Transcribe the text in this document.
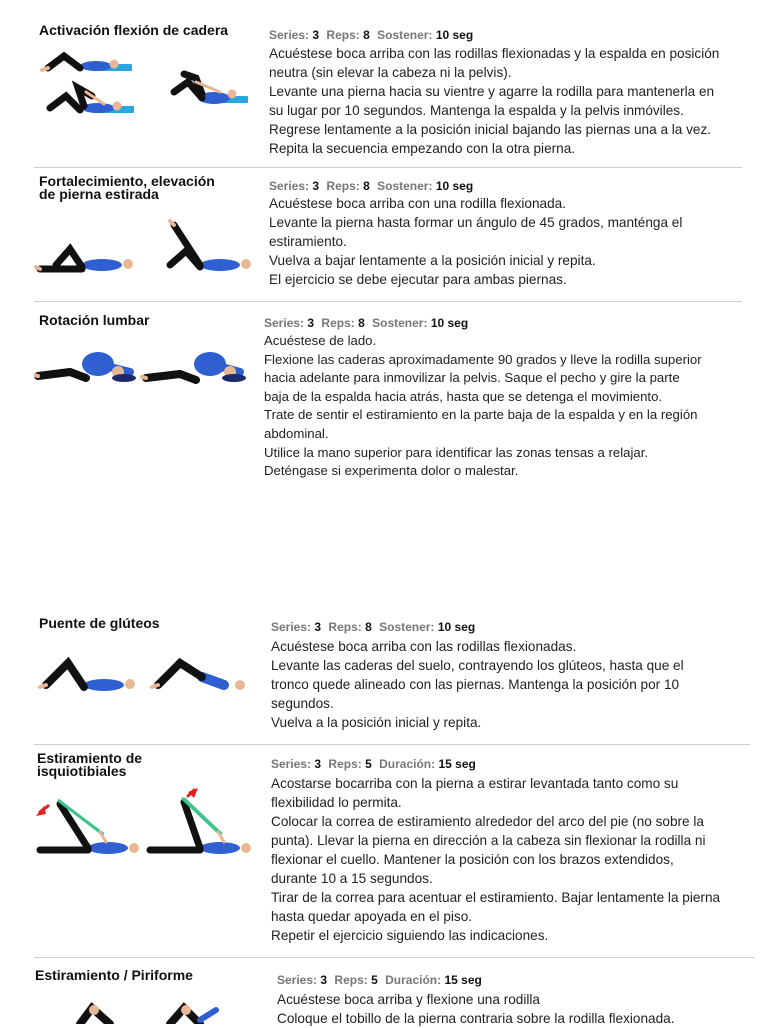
Activación flexión de cadera	Series: 3 Reps: 8 Sostener: 10 seg
Acuéstese boca arriba con las rodillas flexionadas y la espalda en posición
neutra (sin elevar la cabeza ni la pelvis).
Levante una pierna hacia su vientre y agarre la rodilla para mantenerla en
su lugar por 10 segundos. Mantenga la espalda y la pelvis inmóviles.
Regrese lentamente a la posición inicial bajando las piernas una a la vez.
Repita la secuencia empezando con la otra pierna.
Fortalecimiento, elevación
de pierna estirada	Series: 3 Reps: 8 Sostener: 10 seg
Acuéstese boca arriba con una rodilla flexionada.
Levante la pierna hasta formar un ángulo de 45 grados, manténga el
estiramiento.
Vuelva a bajar lentamente a la posición inicial y repita.
El ejercicio se debe ejecutar para ambas piernas.
Rotación lumbar	Series: 3 Reps: 8 Sostener: 10 seg
Acuéstese de lado.
Flexione las caderas aproximadamente 90 grados y lleve la rodilla superior
hacia adelante para inmovilizar la pelvis. Saque el pecho y gire la parte
baja de la espalda hacia atrás, hasta que se detenga el movimiento.
Trate de sentir el estiramiento en la parte baja de la espalda y en la región
abdominal.
Utilice la mano superior para identificar las zonas tensas a relajar.
Deténgase si experimenta dolor o malestar.
Puente de glúteos	Series: 3 Reps: 8 Sostener: 10 seg
Acuéstese boca arriba con las rodillas flexionadas.
Levante las caderas del suelo, contrayendo los glúteos, hasta que el
tronco quede alineado con las piernas. Mantenga la posición por 10
segundos.
Vuelva a la posición inicial y repita.
Estiramiento de
isquiotibiales	Series: 3 Reps: 5 Duración: 15 seg
Acostarse bocarriba con la pierna a estirar levantada tanto como su
flexibilidad lo permita.
Colocar la correa de estiramiento alrededor del arco del pie (no sobre la
punta). Llevar la pierna en dirección a la cabeza sin flexionar la rodilla ni
flexionar el cuello. Mantener la posición con los brazos extendidos,
durante 10 a 15 segundos.
Tirar de la correa para acentuar el estiramiento. Bajar lentamente la pierna
hasta quedar apoyada en el piso.
Repetir el ejercicio siguiendo las indicaciones.
Estiramiento / Piriforme	Series: 3 Reps: 5 Duración: 15 seg
Acuéstese boca arriba y flexione una rodilla
Coloque el tobillo de la pierna contraria sobre la rodilla flexionada.
